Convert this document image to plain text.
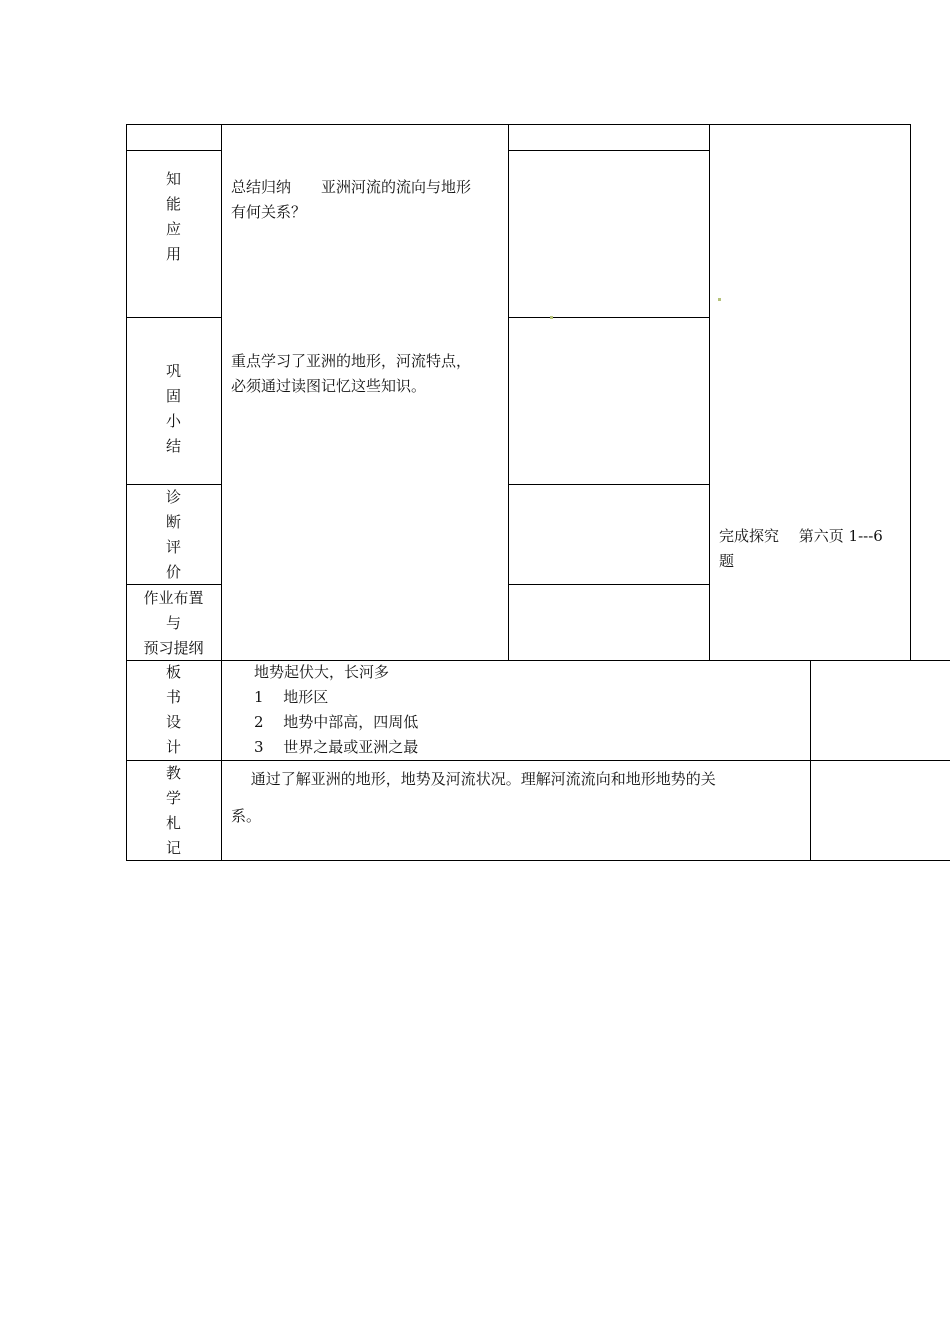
知
能
应
用
总结归纳　　亚洲河流的流向与地形
有何关系？
巩
固
小
结
重点学习了亚洲的地形，河流特点，
必须通过读图记忆这些知识。
诊
断
评
价
作业布置
与
预习提纲
完成探究　 第六页 1---6
题
板
书
设
计
地势起伏大，长河多
1　 地形区
2　 地势中部高，四周低
3　 世界之最或亚洲之最
教
学
札
记
　 通过了解亚洲的地形，地势及河流状况。理解河流流向和地形地势的关
系。
